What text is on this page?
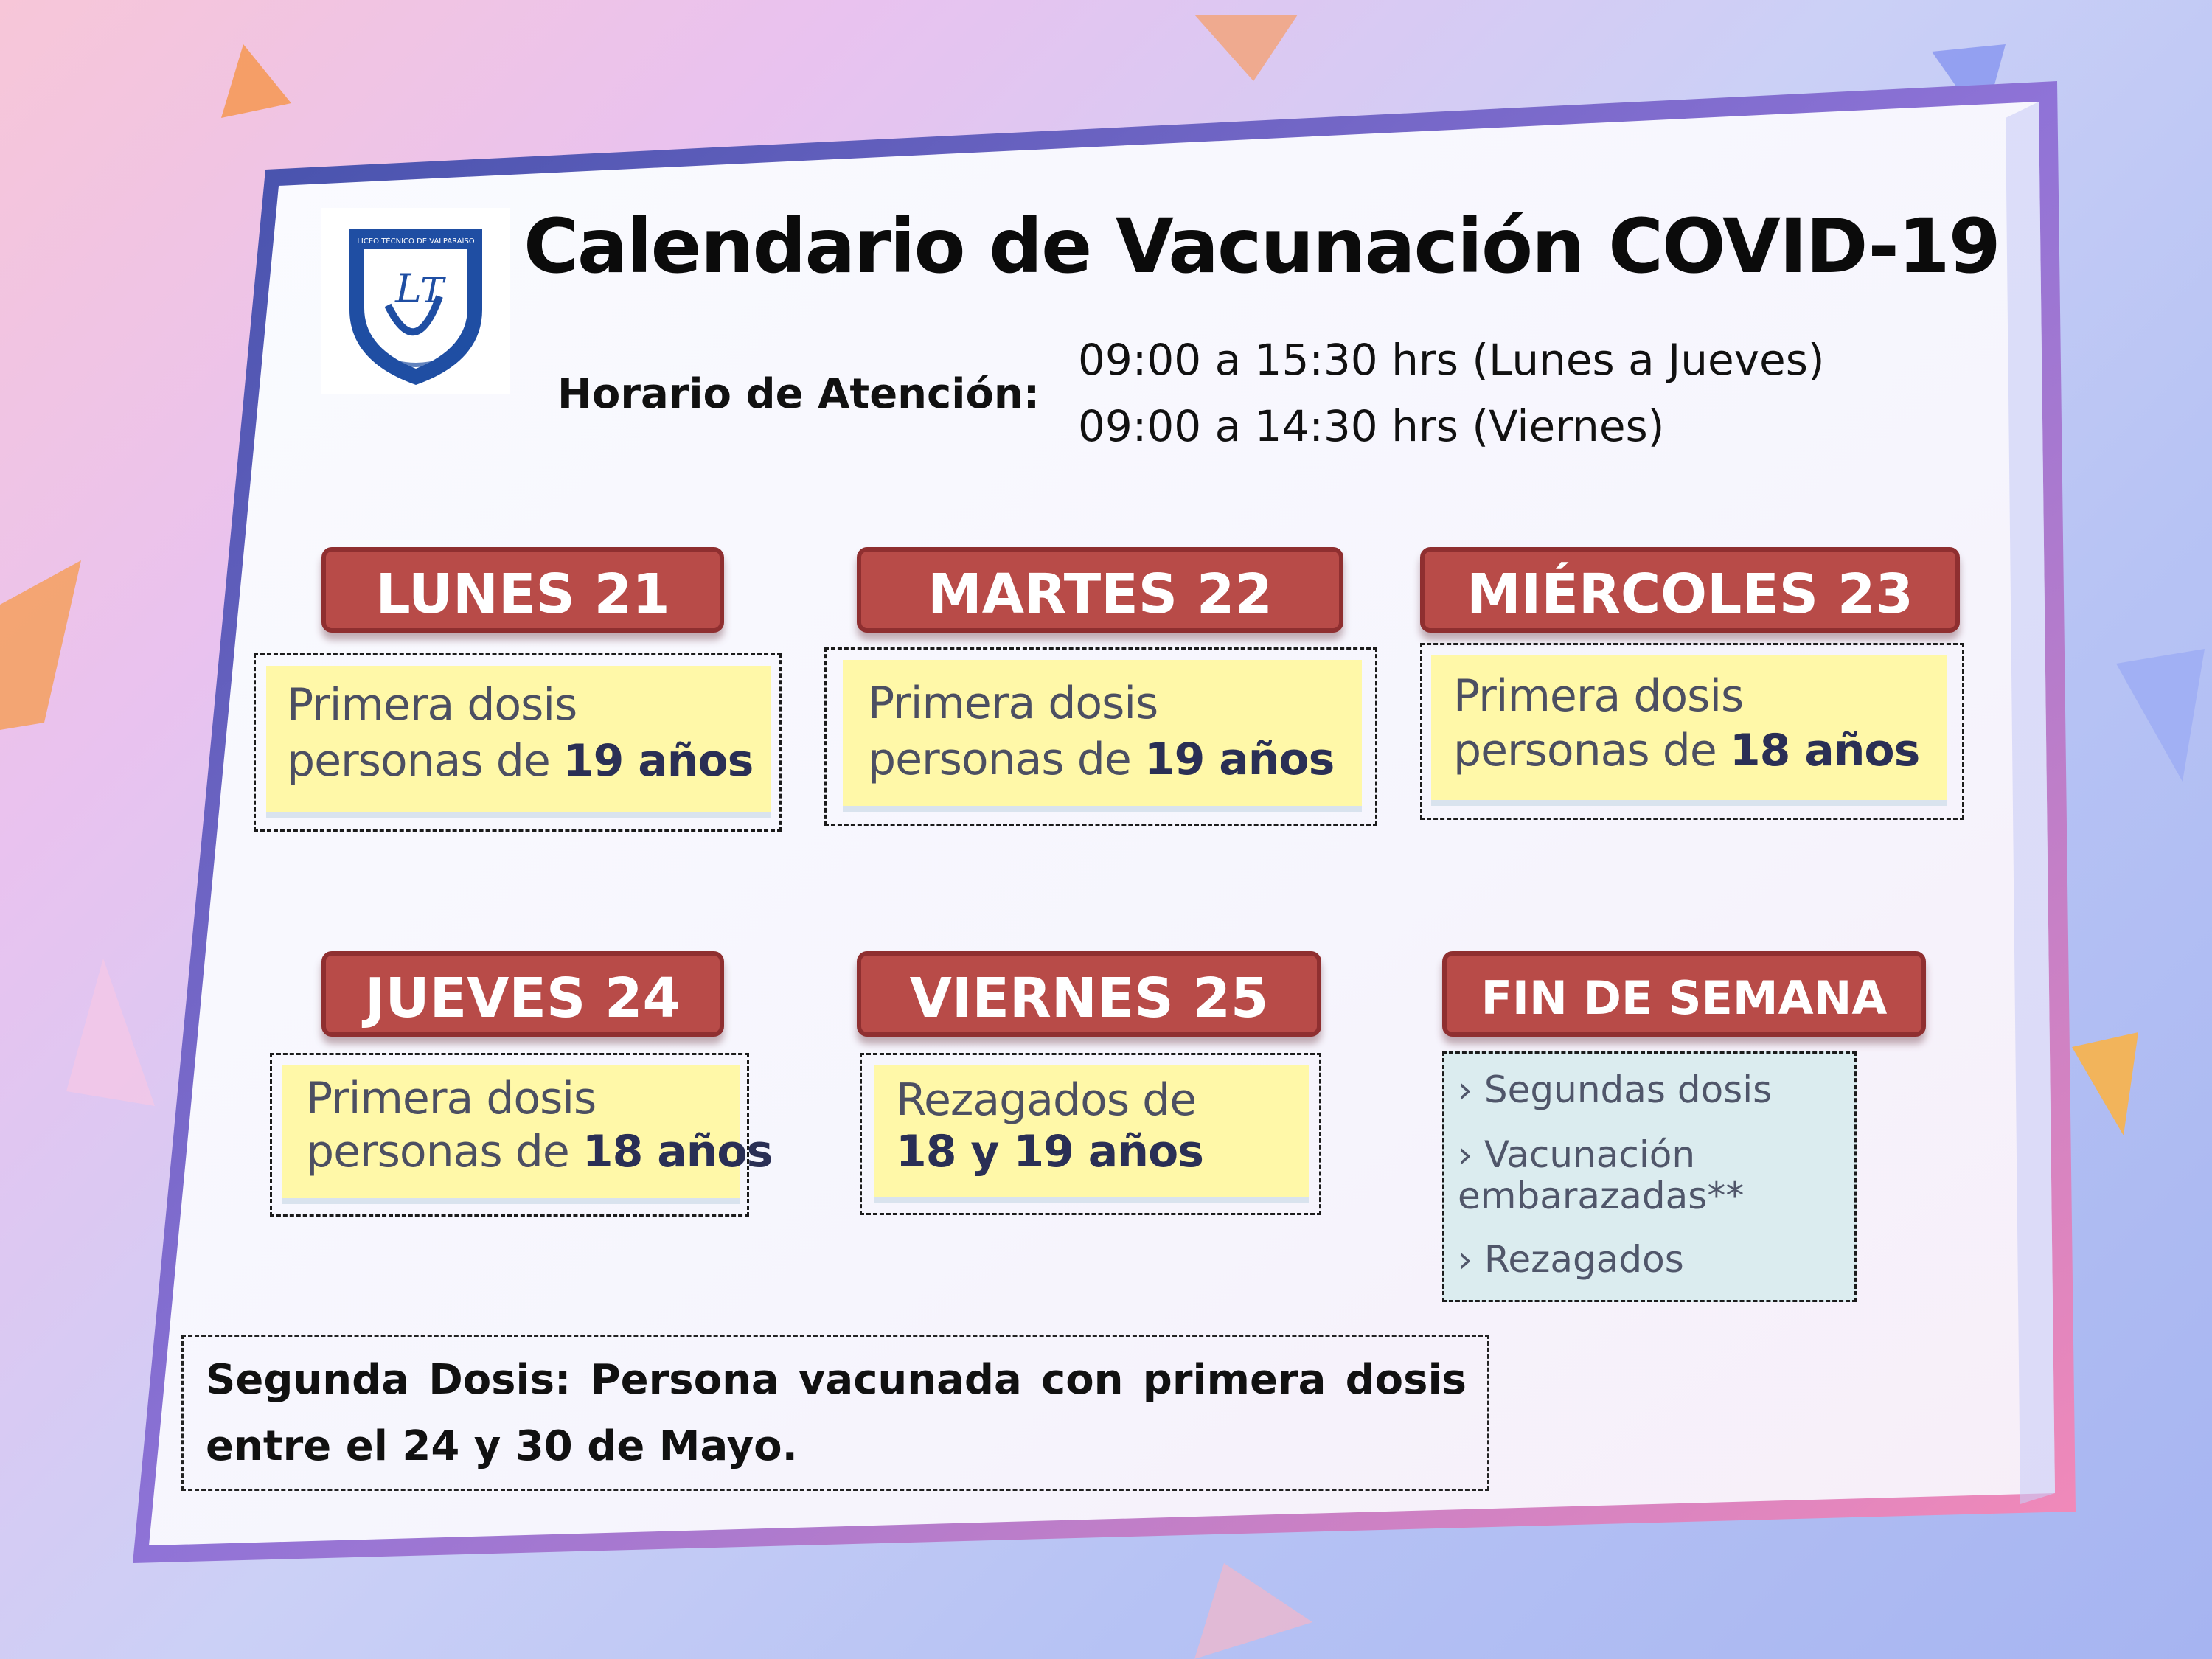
LICEO TÉCNICO DE VALPARAÍSO
L
T Calendario de Vacunación COVID-19
Horario de Atención:
09:00 a 15:30 hrs (Lunes a Jueves)
09:00 a 14:30 hrs (Viernes)
LUNES 21
Primera dosis
personas de 19 años
MARTES 22
Primera dosis
personas de 19 años
MIÉRCOLES 23
Primera dosis
personas de 18 años
JUEVES 24
Primera dosis
personas de 18 años
VIERNES 25
Rezagados de
18 y 19 años
FIN DE SEMANA
› Segundas dosis
› Vacunación
embarazadas**
› Rezagados
Segunda Dosis: Persona vacunada con primera dosis entre el 24 y 30 de Mayo.
